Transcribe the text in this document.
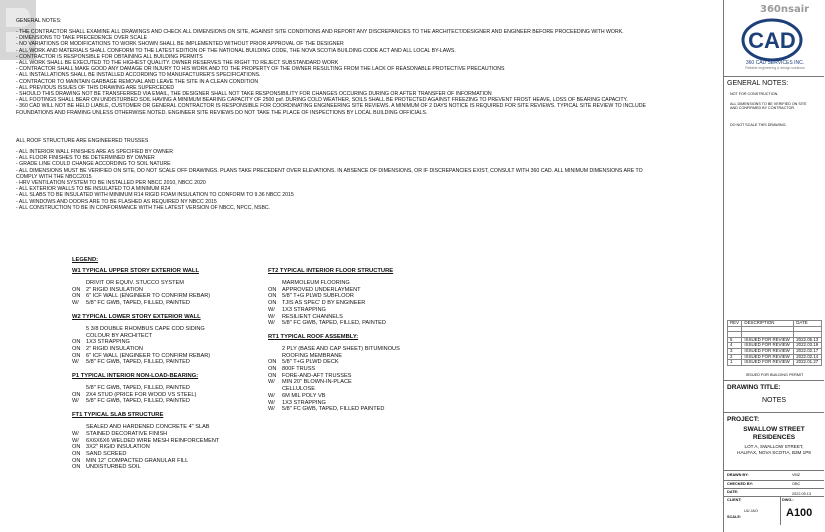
360nsair
GENERAL NOTES:
- THE CONTRACTOR SHALL EXAMINE ALL DRAWINGS AND CHECK ALL DIMENSIONS ON SITE, AGAINST SITE CONDITIONS AND REPORT ANY DISCREPANCIES TO THE ARCHITECT/DESIGNER AND ENGINEER BEFORE PROCEEDING WITH WORK.
- DIMENSIONS TO TAKE PRECEDENCE OVER SCALE
- NO VARIATIONS OR MODIFICATIONS TO WORK SHOWN SHALL BE IMPLEMENTED WITHOUT PRIOR APPROVAL OF THE DESIGNER
- ALL WORK AND MATERIALS SHALL CONFORM TO THE LATEST EDITION OF THE NATIONAL BUILDING CODE, THE NOVA SCOTIA BUILDING CODE ACT AND ALL LOCAL BY-LAWS.
- CONTRACTOR IS RESPONSIBLE FOR OBTAINING ALL BUILDING PERMITS
- ALL WORK SHALL BE EXECUTED TO THE HIGHEST QUALITY. OWNER RESERVES THE RIGHT TO REJECT SUBSTANDARD WORK
- CONTRACTOR SHALL MAKE GOOD ANY DAMAGE OR INJURY TO HIS WORK AND TO THE PROPERTY OF THE OWNER RESULTING FROM THE LACK OF REASONABLE PROTECTIVE PRECAUTIONS
- ALL INSTALLATIONS SHALL BE INSTALLED ACCORDING TO MANUFACTURER'S SPECIFICATIONS.
- CONTRACTOR TO MAINTAIN GARBAGE REMOVAL AND LEAVE THE SITE IN A CLEAN CONDITION
- ALL PREVIOUS ISSUES OF THIS DRAWING ARE SUPERCEDED
- SHOULD THIS DRAWING NOT BE TRANSFERRED VIA EMAIL, THE DESIGNER SHALL NOT TAKE RESPONSIBILITY FOR CHANGES OCCURING DURING OR AFTER TRANSFER OF INFORMATION
- ALL FOOTINGS SHALL BEAR ON UNDISTURBED SOIL HAVING A MINIMUM BEARING CAPACITY OF 2500 psf. DURING COLD WEATHER, SOILS SHALL BE PROTECTED AGAINST FREEZING TO PREVENT FROST HEAVE, LOSS OF BEARING CAPACITY.
- 360 CAD WILL NOT BE HELD LIABLE, CUSTOMER OR GENERAL CONTRACTOR IS RESPONSIBLE FOR COORDINATING ENGINEERING SITE REVIEWS. A MINIMUM OF 2 DAYS NOTICE IS REQUIRED FOR SITE REVIEWS. TYPICAL SITE REVIEW TO INCLUDE
FOUNDATIONS AND FRAMING UNLESS OTHERWISE NOTED. ENGINEER SITE REVIEWS DO NOT TAKE THE PLACE OF INSPECTIONS BY LOCAL BUILDING OFFICIALS.
ALL ROOF STRUCTURE ARE ENGINEERED TRUSSES
- ALL INTERIOR WALL FINISHES ARE AS SPECIFIED BY OWNER
- ALL FLOOR FINISHES TO BE DETERMINED BY OWNER
- GRADE LINE COULD CHANGE ACCORDING TO SOIL NATURE
- ALL DIMENSIONS MUST BE VERIFIED ON SITE, DO NOT SCALE OFF DRAWINGS. PLANS TAKE PRECEDENT OVER ELEVATIONS. IN ABSENCE OF DIMENSIONS, OR IF DISCREPANCIES EXIST, CONSULT WITH 360 CAD. ALL MINIMUM DIMENSIONS ARE TO
COMPLY WITH THE NBCC2015
- HRV VENTILATION SYSTEM TO BE INSTALLED PER NBCC 2010, NBCC 2020
- ALL EXTERIOR WALLS TO BE INSULATED TO A MINIMUM R24
- ALL SLABS TO BE INSULATED WITH MINIMUM R14 RIGID FOAM INSULATION TO CONFORM TO 9.36 NBCC 2015
- ALL WINDOWS AND DOORS ARE TO BE FLASHED AS REQUIRED NY NBCC 2015
- ALL CONSTRUCTION TO BE IN CONFORMANCE WITH THE LATEST VERSION OF NBCC, NPCC, NSBC.
LEGEND:
W1 TYPICAL UPPER STORY EXTERIOR WALL
DRIVIT OR EQUIV. STUCCO SYSTEM
ON	2" RIGID INSULATION
ON	6" ICF WALL (ENGINEER TO CONFIRM REBAR)
W/	5/8" FC GWB, TAPED, FILLED, PAINTED
W2 TYPICAL LOWER STORY EXTERIOR WALL
5 3/8 DOUBLE RHOMBUS CAPE COD SIDING
COLOUR BY ARCHITECT
ON	1X3 STRAPPING
ON	2" RIGID INSULATION
ON	6" ICF WALL (ENGINEER TO CONFIRM REBAR)
W/	5/8" FC GWB, TAPED, FILLED, PAINTED
P1 TYPICAL INTERIOR NON-LOAD-BEARING:
5/8" FC GWB, TAPED, FILLED, PAINTED
ON	2X4 STUD (PRICE FOR WOOD VS STEEL)
W/	5/8" FC GWB, TAPED, FILLED, PAINTED
FT1 TYPICAL SLAB STRUCTURE
SEALED AND HARDENED CONCRETE 4" SLAB
W/	STAINED DECORATIVE FINISH
W/	6X6X6X6 WELDED WIRE MESH REINFORCEMENT
ON	3X2" RIGID INSULATION
ON	SAND SCREED
ON	MIN 12" COMPACTED GRANULAR FILL
ON	UNDISTURBED SOIL
FT2 TYPICAL INTERIOR FLOOR STRUCTURE
MARMOLEUM FLOORING
ON	APPROVED UNDERLAYMENT
ON	5/8" T+G PLWD SUBFLOOR
ON	TJIS AS SPEC' D BY ENGINEER
W/	1X3 STRAPPING
W/	RESILIENT CHANNELS
W/	5/8" FC GWB, TAPED, FILLED, PAINTED
RT1 TYPICAL ROOF ASSEMBLY:
2 PLY (BASE AND CAP SHEET) BITUMINOUS
ROOFING MEMBRANE
ON	5/8" T+G PLWD DECK
ON	800F TRUSS
ON	FORE-AND-AFT TRUSSES
W/	MIN 20" BLOWN-IN-PLACE
CELLULOSE
W/	6M MIL POLY VB
W/	1X3 STRAPPING
W/	5/8" FC GWB, TAPED, FILLED PAINTED
CAD
360 CAD SERVICES INC.
Reliable engineering & design solutions
GENERAL NOTES:
NOT FOR CONSTRUCTION.
ALL DIMENSIONS TO BE VERIFIED ON SITE AND CONFIRMED BY CONTRACTOR.
DO NOT SCALE THIS DRAWING.
REV	DESCRIPTION	DATE

5	ISSUED FOR REVIEW	2022.05.13
4	ISSUED FOR REVIEW	2022.03.19
3	ISSUED FOR REVIEW	2022.02.17
2	ISSUED FOR REVIEW	2022.02.14
1	ISSUED FOR REVIEW	2022.01.27
ISSUED FOR BUILDING PERMIT
DRAWING TITLE:
NOTES
PROJECT:
SWALLOW STREET
RESIDENCES
LOT A, SWALLOW STREET,
HALIFAX, NOVA SCOTIA, B3M 1P9
DRAWN BY:	VMZ
CHECKED BY:	OBC
DATE:	2022.05.13
CLIENT:	DWG.:
UU JAO	A100
SCALE:
